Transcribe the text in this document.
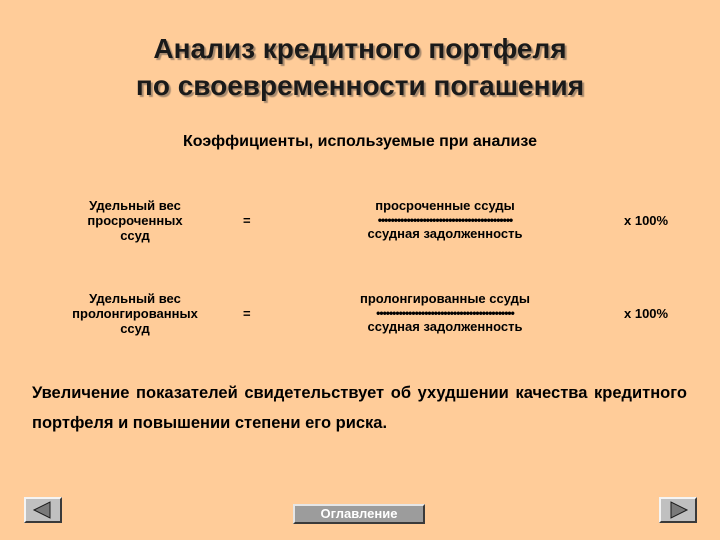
Анализ кредитного портфеля
по своевременности погашения
Коэффициенты, используемые при анализе
Удельный вес
просроченных
ссуд
=
просроченные ссуды
••••••••••••••••••••••••••••••••••••••••••
ссудная задолженность
x 100%
Удельный вес
пролонгированных
ссуд
=
пролонгированные ссуды
•••••••••••••••••••••••••••••••••••••••••••
ссудная задолженность
x 100%
Увеличение показателей свидетельствует об ухудшении качества кредитного портфеля и повышении степени его риска.
Оглавление
